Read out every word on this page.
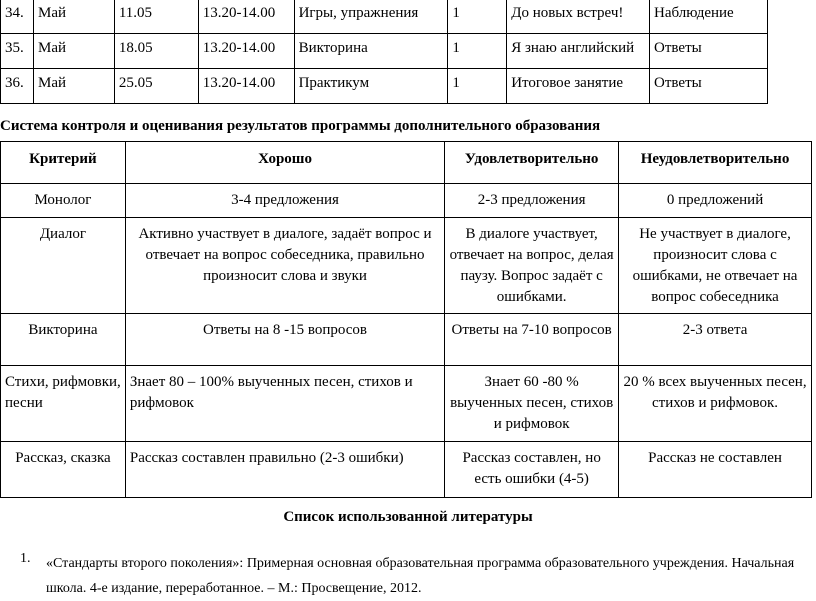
34.	Май	11.05	13.20-14.00	Игры, упражнения	1	До новых встреч!	Наблюдение
35.	Май	18.05	13.20-14.00	Викторина	1	Я знаю английский	Ответы
36.	Май	25.05	13.20-14.00	Практикум	1	Итоговое занятие	Ответы
Система контроля и оценивания результатов программы дополнительного образования
Критерий	Хорошо	Удовлетворительно	Неудовлетворительно
Монолог	3-4 предложения	2-3 предложения	0 предложений
Диалог	Активно участвует в диалоге, задаёт вопрос и отвечает на вопрос собеседника, правильно произносит слова и звуки	В диалоге участвует, отвечает на вопрос, делая паузу. Вопрос задаёт с ошибками.	Не участвует в диалоге, произносит слова с ошибками, не отвечает на вопрос собеседника
Викторина	Ответы на 8 -15 вопросов	Ответы на 7-10 вопросов	2-3 ответа
Стихи, рифмовки, песни	Знает 80 – 100% выученных песен, стихов и рифмовок	Знает 60 -80 % выученных песен, стихов и рифмовок	20 % всех выученных песен, стихов и рифмовок.
Рассказ, сказка	Рассказ составлен правильно (2-3 ошибки)	Рассказ составлен, но есть ошибки (4-5)	Рассказ не составлен
Список использованной литературы
1. «Стандарты второго поколения»: Примерная основная образовательная программа образовательного учреждения. Начальная школа. 4-е издание, переработанное. – М.: Просвещение, 2012.
